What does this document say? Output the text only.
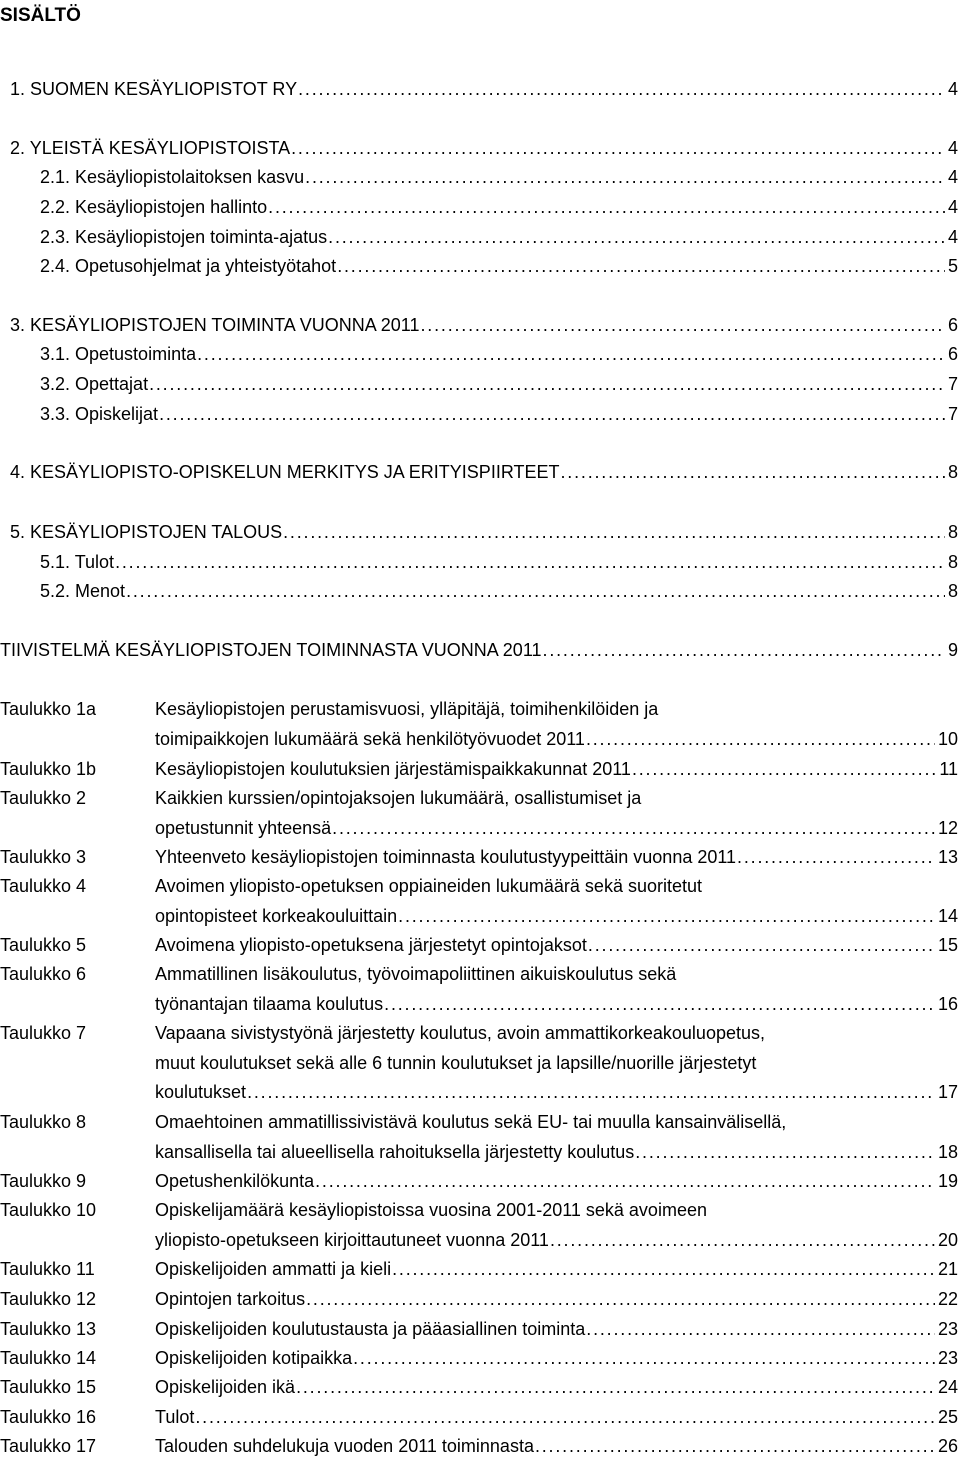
SISÄLTÖ
1. SUOMEN KESÄYLIOPISTOT RY . . .	4
2. YLEISTÄ KESÄYLIOPISTOISTA . . .	4
2.1. Kesäyliopistolaitoksen kasvu . . .	4
2.2. Kesäyliopistojen hallinto . . .	4
2.3. Kesäyliopistojen toiminta-ajatus . . .	4
2.4. Opetusohjelmat ja yhteistyötahot . . .	5
3. KESÄYLIOPISTOJEN TOIMINTA VUONNA 2011 . . .	6
3.1. Opetustoiminta . . .	6
3.2. Opettajat . . .	7
3.3. Opiskelijat . . .	7
4. KESÄYLIOPISTO-OPISKELUN MERKITYS JA ERITYISPIIRTEET . . .	8
5. KESÄYLIOPISTOJEN TALOUS . . .	8
5.1. Tulot . . .	8
5.2. Menot . . .	8
TIIVISTELMÄ KESÄYLIOPISTOJEN TOIMINNASTA VUONNA 2011 . . .	9
Taulukko 1a	Kesäyliopistojen perustamisvuosi, ylläpitäjä, toimihenkilöiden ja
toimipaikkojen lukumäärä sekä henkilötyövuodet 2011 . . .	10
Taulukko 1b	Kesäyliopistojen koulutuksien järjestämispaikkakunnat 2011 . . .	11
Taulukko 2	Kaikkien kurssien/opintojaksojen lukumäärä, osallistumiset ja
opetustunnit yhteensä . . .	12
Taulukko 3	Yhteenveto kesäyliopistojen toiminnasta koulutustyypeittäin vuonna 2011 . . .	13
Taulukko 4	Avoimen yliopisto-opetuksen oppiaineiden lukumäärä sekä suoritetut
opintopisteet korkeakouluittain . . .	14
Taulukko 5	Avoimena yliopisto-opetuksena järjestetyt opintojaksot . . .	15
Taulukko 6	Ammatillinen lisäkoulutus, työvoimapoliittinen aikuiskoulutus sekä
työnantajan tilaama koulutus . . .	16
Taulukko 7	Vapaana sivistystyönä järjestetty koulutus, avoin ammattikorkeakouluopetus,
muut koulutukset sekä alle 6 tunnin koulutukset ja lapsille/nuorille järjestetyt
koulutukset . . .	17
Taulukko 8	Omaehtoinen ammatillissivistävä koulutus sekä EU- tai muulla kansainvälisellä,
kansallisella tai alueellisella rahoituksella järjestetty koulutus . . .	18
Taulukko 9	Opetushenkilökunta . . .	19
Taulukko 10	Opiskelijamäärä kesäyliopistoissa vuosina 2001-2011 sekä avoimeen
yliopisto-opetukseen kirjoittautuneet vuonna 2011 . . .	20
Taulukko 11	Opiskelijoiden ammatti ja kieli . . .	21
Taulukko 12	Opintojen tarkoitus . . .	22
Taulukko 13	Opiskelijoiden koulutustausta ja pääasiallinen toiminta . . .	23
Taulukko 14	Opiskelijoiden kotipaikka . . .	23
Taulukko 15	Opiskelijoiden ikä . . .	24
Taulukko 16	Tulot . . .	25
Taulukko 17	Talouden suhdelukuja vuoden 2011 toiminnasta . . .	26
